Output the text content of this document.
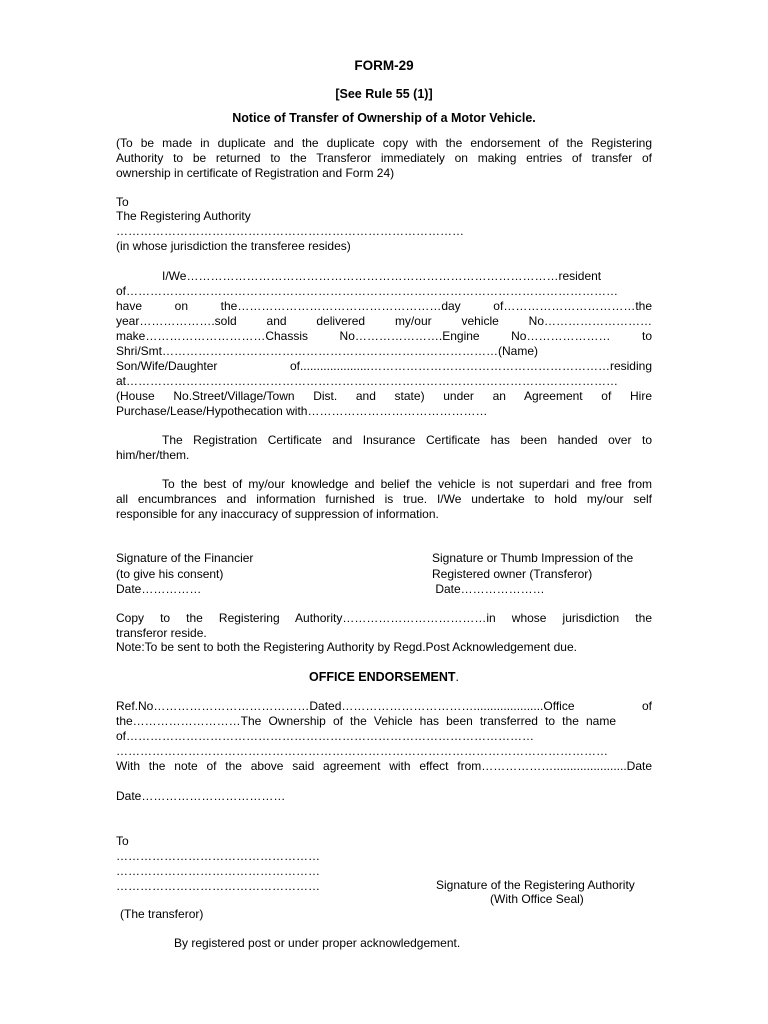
FORM-29
[See Rule 55 (1)]
Notice of Transfer of Ownership of a Motor Vehicle.
(To be made in duplicate and the duplicate copy with the endorsement of the Registering
Authority to be returned to the Transferor immediately on making entries of transfer of
ownership in certificate of Registration and Form 24)
To
The Registering Authority
……………………………………………………………………………
(in whose jurisdiction the transferee resides)
I/We…………………………………………………………………………………resident
of……………………………………………………………………………………………………………
have on the……………………………………………day of……………………………the
year……………….sold and delivered my/our vehicle No………………………
make…………………………Chassis No………………….Engine No………………… to
Shri/Smt…………………………………………………………………………(Name)
Son/Wife/Daughter of.....................……………………………………………………residing
at……………………………………………………………………………………………………………
(House No.Street/Village/Town Dist. and state) under an Agreement of Hire
Purchase/Lease/Hypothecation with………………………………………
The Registration Certificate and Insurance Certificate has been handed over to
him/her/them.
To the best of my/our knowledge and belief the vehicle is not superdari and free from
all encumbrances and information furnished is true. I/We undertake to hold my/our self
responsible for any inaccuracy of suppression of information.
Signature of the Financier
(to give his consent)
Date……………
Signature or Thumb Impression of the
Registered owner (Transferor)
Date…………………
Copy to the Registering Authority………………………………in whose jurisdiction the
transferor reside.
Note:To be sent to both the Registering Authority by Regd.Post Acknowledgement due.
OFFICE ENDORSEMENT.
Ref.No…………………………………Dated…………………………….....................Office of
the………………………The Ownership of the Vehicle has been transferred to the name
of…………………………………………………………………………………………
……………………………………………………………………………………………………………
With the note of the above said agreement with effect from………………......................Date
Date………………………………
To
……………………………………………
……………………………………………
……………………………………………	Signature of the Registering Authority
(With Office Seal)
(The transferor)
By registered post or under proper acknowledgement.
